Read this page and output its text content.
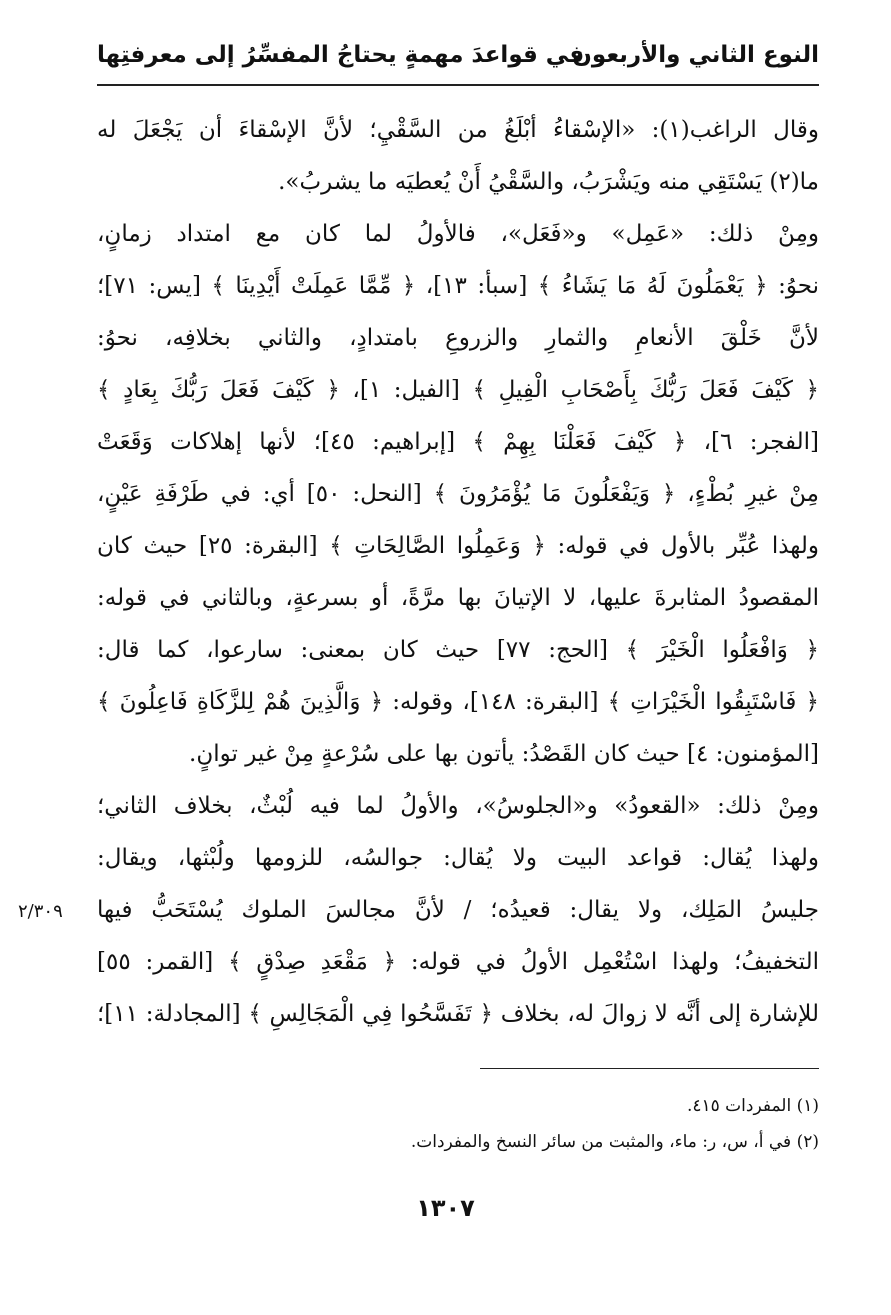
النوع الثاني والأربعون
في قواعدَ مهمةٍ يحتاجُ المفسِّرُ إلى معرفتِها
وقال الراغب(١): «الإسْقاءُ أبْلَغُ من السَّقْيِ؛ لأنَّ الإسْقاءَ أن يَجْعَلَ له
ما(٢) يَسْتَقِي منه ويَشْرَبُ، والسَّقْيُ أَنْ يُعطيَه ما يشربُ».
ومِنْ ذلك: «عَمِل» و«فَعَل»، فالأولُ لما كان مع امتداد زمانٍ،
نحوُ: ﴿ يَعْمَلُونَ لَهُ مَا يَشَاءُ ﴾ [سبأ: ١٣]، ﴿ مِّمَّا عَمِلَتْ أَيْدِينَا ﴾ [يس: ٧١]؛
لأنَّ خَلْقَ الأنعامِ والثمارِ والزروعِ بامتدادٍ، والثاني بخلافِه، نحوُ:
﴿ كَيْفَ فَعَلَ رَبُّكَ بِأَصْحَابِ الْفِيلِ ﴾ [الفيل: ١]، ﴿ كَيْفَ فَعَلَ رَبُّكَ بِعَادٍ ﴾
[الفجر: ٦]، ﴿ كَيْفَ فَعَلْنَا بِهِمْ ﴾ [إبراهيم: ٤٥]؛ لأنها إهلاكات وَقَعَتْ
مِنْ غيرِ بُطْءٍ، ﴿ وَيَفْعَلُونَ مَا يُؤْمَرُونَ ﴾ [النحل: ٥٠] أي: في طَرْفَةِ عَيْنٍ،
ولهذا عُبِّر بالأول في قوله: ﴿ وَعَمِلُوا الصَّالِحَاتِ ﴾ [البقرة: ٢٥] حيث كان
المقصودُ المثابرةَ عليها، لا الإتيانَ بها مرَّةً، أو بسرعةٍ، وبالثاني في قوله:
﴿ وَافْعَلُوا الْخَيْرَ ﴾ [الحج: ٧٧] حيث كان بمعنى: سارعوا، كما قال:
﴿ فَاسْتَبِقُوا الْخَيْرَاتِ ﴾ [البقرة: ١٤٨]، وقوله: ﴿ وَالَّذِينَ هُمْ لِلزَّكَاةِ فَاعِلُونَ ﴾
[المؤمنون: ٤] حيث كان القَصْدُ: يأتون بها على سُرْعةٍ مِنْ غير توانٍ.
ومِنْ ذلك: «القعودُ» و«الجلوسُ»، والأولُ لما فيه لُبْثٌ، بخلاف الثاني؛
ولهذا يُقال: قواعد البيت ولا يُقال: جوالسُه، للزومها ولُبْثها، ويقال:
جليسُ المَلِك، ولا يقال: قعيدُه؛ / لأنَّ مجالسَ الملوك يُسْتَحَبُّ فيها
التخفيفُ؛ ولهذا اسْتُعْمِل الأولُ في قوله: ﴿ مَقْعَدِ صِدْقٍ ﴾ [القمر: ٥٥]
للإشارة إلى أنَّه لا زوالَ له، بخلاف ﴿ تَفَسَّحُوا فِي الْمَجَالِسِ ﴾ [المجادلة: ١١]؛
٢/٣٠٩
(١) المفردات ٤١٥.
(٢) في أ، س، ر: ماء، والمثبت من سائر النسخ والمفردات.
١٣٠٧
